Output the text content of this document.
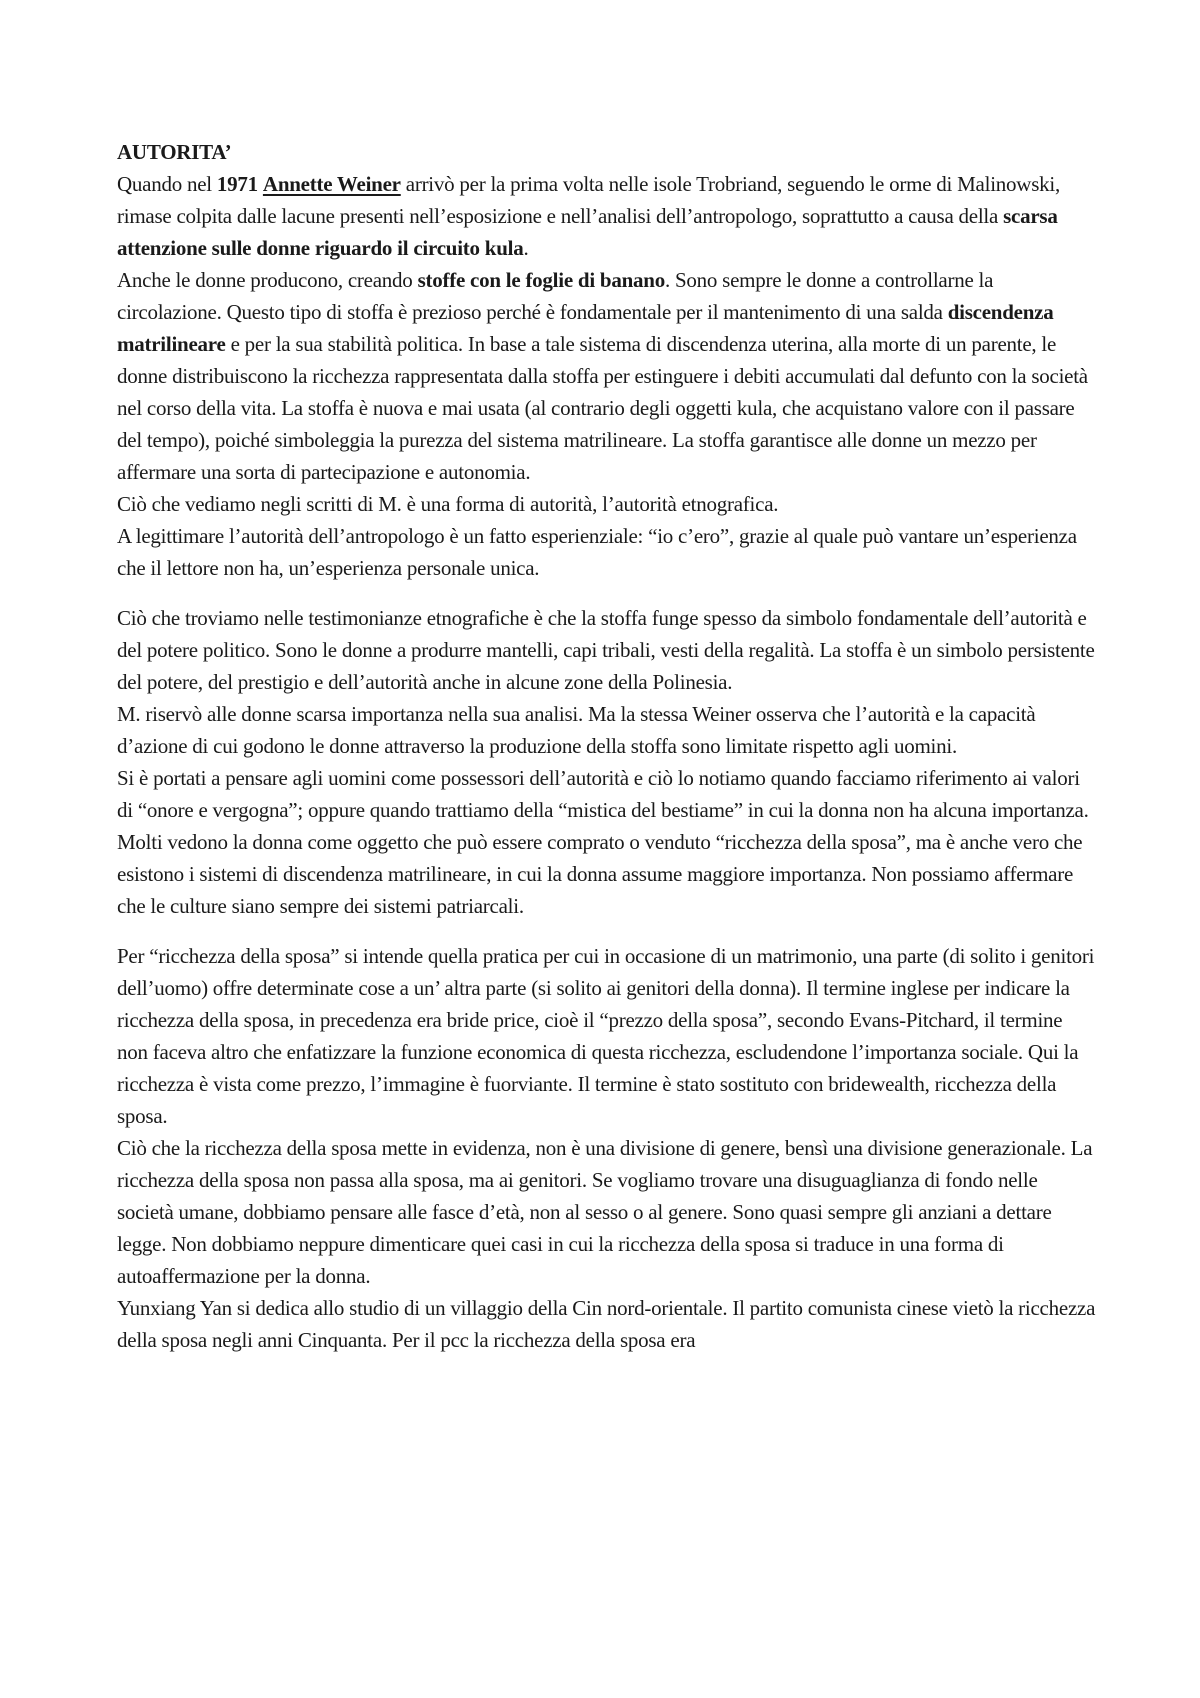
AUTORITA’

Quando nel 1971 Annette Weiner arrivò per la prima volta nelle isole Trobriand, seguendo le orme di Malinowski, rimase colpita dalle lacune presenti nell’esposizione e nell’analisi dell’antropologo, soprattutto a causa della scarsa attenzione sulle donne riguardo il circuito kula.

Anche le donne producono, creando stoffe con le foglie di banano. Sono sempre le donne a controllarne la circolazione. Questo tipo di stoffa è prezioso perché è fondamentale per il mantenimento di una salda discendenza matrilineare e per la sua stabilità politica. In base a tale sistema di discendenza uterina, alla morte di un parente, le donne distribuiscono la ricchezza rappresentata dalla stoffa per estinguere i debiti accumulati dal defunto con la società nel corso della vita. La stoffa è nuova e mai usata (al contrario degli oggetti kula, che acquistano valore con il passare del tempo), poiché simboleggia la purezza del sistema matrilineare. La stoffa garantisce alle donne un mezzo per affermare una sorta di partecipazione e autonomia.

Ciò che vediamo negli scritti di M. è una forma di autorità, l’autorità etnografica.

A legittimare l’autorità dell’antropologo è un fatto esperienziale: “io c’ero”, grazie al quale può vantare un’esperienza che il lettore non ha, un’esperienza personale unica.

Ciò che troviamo nelle testimonianze etnografiche è che la stoffa funge spesso da simbolo fondamentale dell’autorità e del potere politico. Sono le donne a produrre mantelli, capi tribali, vesti della regalità. La stoffa è un simbolo persistente del potere, del prestigio e dell’autorità anche in alcune zone della Polinesia.

M. riservò alle donne scarsa importanza nella sua analisi. Ma la stessa Weiner osserva che l’autorità e la capacità d’azione di cui godono le donne attraverso la produzione della stoffa sono limitate rispetto agli uomini.

Si è portati a pensare agli uomini come possessori dell’autorità e ciò lo notiamo quando facciamo riferimento ai valori di “onore e vergogna”; oppure quando trattiamo della “mistica del bestiame” in cui la donna non ha alcuna importanza. Molti vedono la donna come oggetto che può essere comprato o venduto “ricchezza della sposa”, ma è anche vero che esistono i sistemi di discendenza matrilineare, in cui la donna assume maggiore importanza. Non possiamo affermare che le culture siano sempre dei sistemi patriarcali.

Per “ricchezza della sposa” si intende quella pratica per cui in occasione di un matrimonio, una parte (di solito i genitori dell’uomo) offre determinate cose a un’ altra parte (si solito ai genitori della donna). Il termine inglese per indicare la ricchezza della sposa, in precedenza era bride price, cioè il “prezzo della sposa”, secondo Evans-Pitchard, il termine non faceva altro che enfatizzare la funzione economica di questa ricchezza, escludendone l’importanza sociale. Qui la ricchezza è vista come prezzo, l’immagine è fuorviante. Il termine è stato sostituto con bridewealth, ricchezza della sposa.

Ciò che la ricchezza della sposa mette in evidenza, non è una divisione di genere, bensì una divisione generazionale. La ricchezza della sposa non passa alla sposa, ma ai genitori. Se vogliamo trovare una disuguaglianza di fondo nelle società umane, dobbiamo pensare alle fasce d’età, non al sesso o al genere. Sono quasi sempre gli anziani a dettare legge. Non dobbiamo neppure dimenticare quei casi in cui la ricchezza della sposa si traduce in una forma di autoaffermazione per la donna.

Yunxiang Yan si dedica allo studio di un villaggio della Cin nord-orientale. Il partito comunista cinese vietò la ricchezza della sposa negli anni Cinquanta. Per il pcc la ricchezza della sposa era
